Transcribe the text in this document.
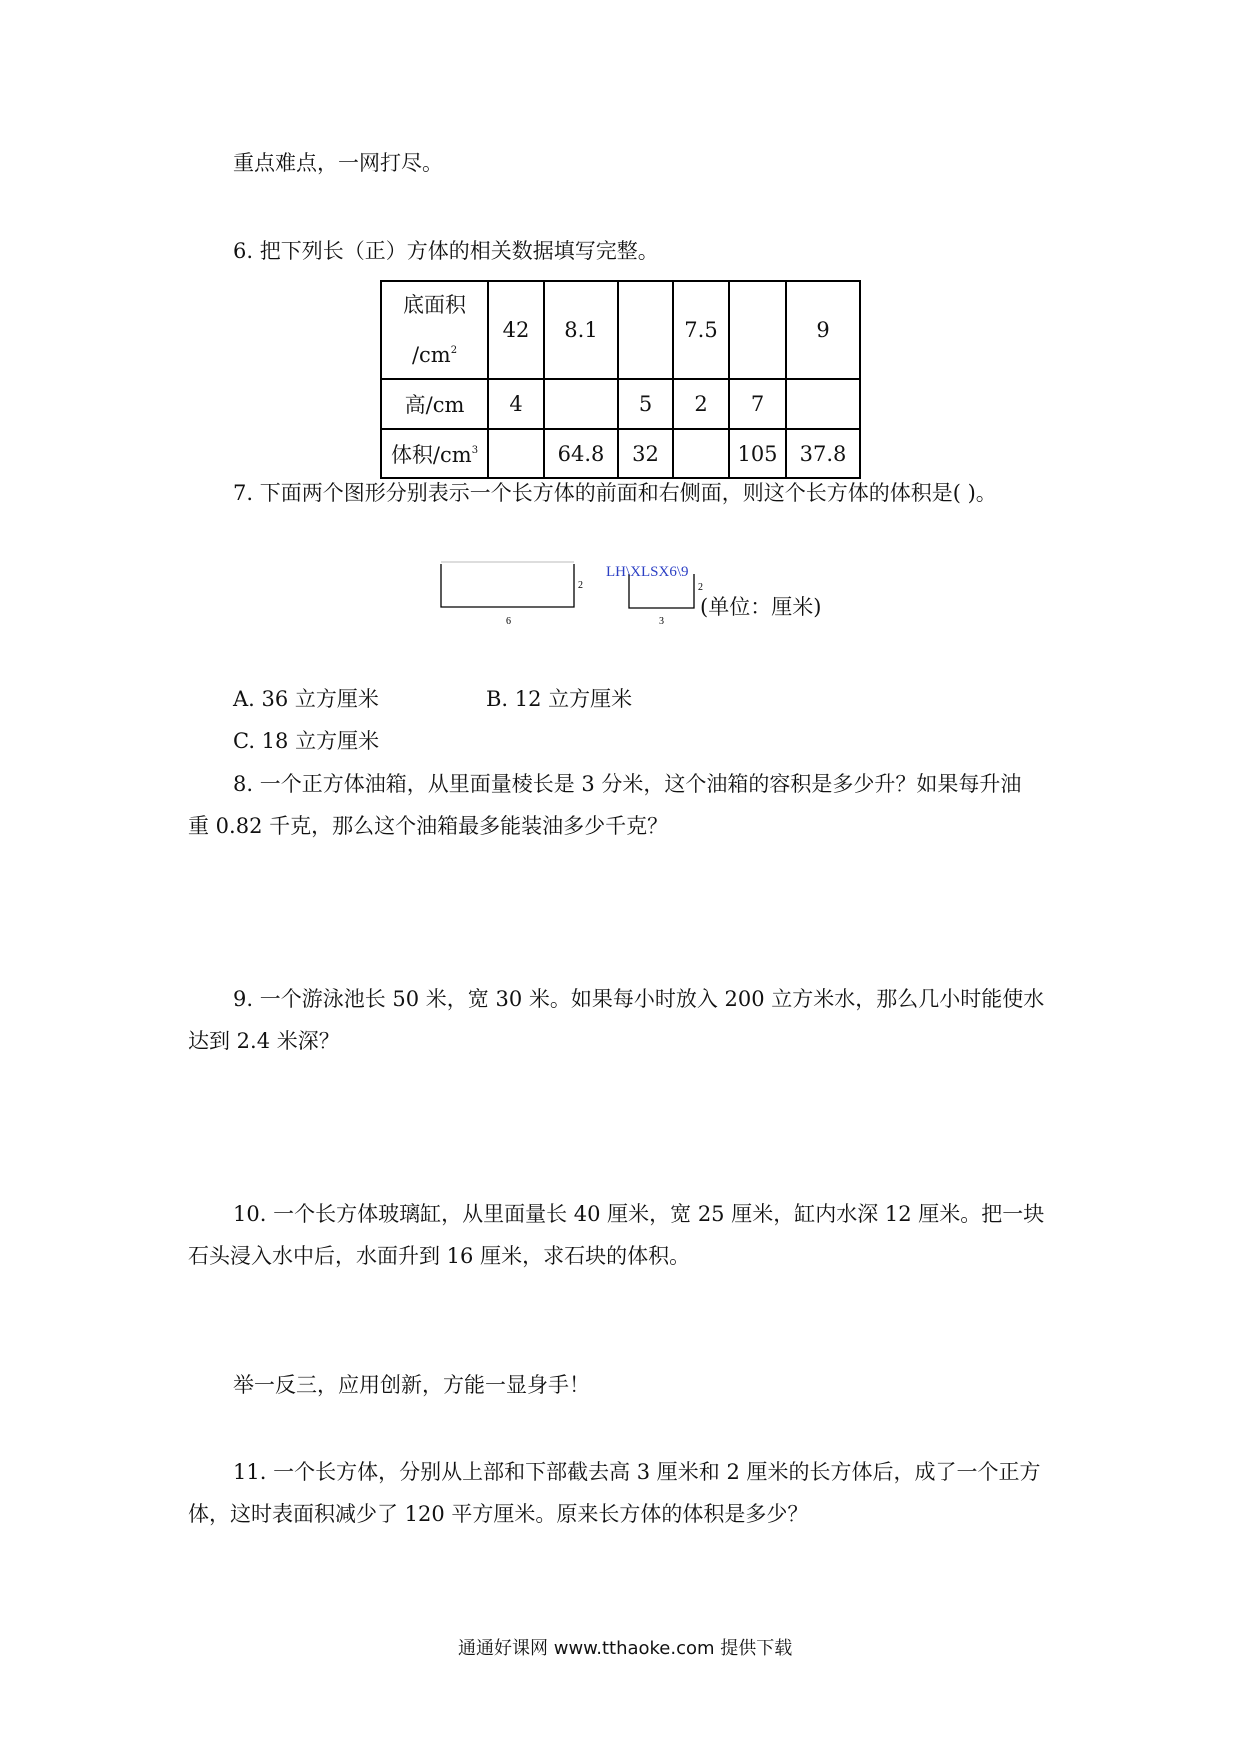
重点难点，一网打尽。
6. 把下列长（正）方体的相关数据填写完整。
底面积
$/cm^2$	42	8.1		7.5		9
高/cm	4		5	2	7	
体积$/cm^3$		64.8	32		105	37.8
7. 下面两个图形分别表示一个长方体的前面和右侧面，则这个长方体的体积是( )。
2
6
2
3
LH\XLSX6\9
(单位：厘米)
A. 36 立方厘米	B. 12 立方厘米
C. 18 立方厘米
8. 一个正方体油箱，从里面量棱长是 3 分米，这个油箱的容积是多少升？如果每升油
重 0.82 千克，那么这个油箱最多能装油多少千克？
9. 一个游泳池长 50 米，宽 30 米。如果每小时放入 200 立方米水，那么几小时能使水
达到 2.4 米深？
10. 一个长方体玻璃缸，从里面量长 40 厘米，宽 25 厘米，缸内水深 12 厘米。把一块
石头浸入水中后，水面升到 16 厘米，求石块的体积。
举一反三，应用创新，方能一显身手！
11. 一个长方体，分别从上部和下部截去高 3 厘米和 2 厘米的长方体后，成了一个正方
体，这时表面积减少了 120 平方厘米。原来长方体的体积是多少？
通通好课网 www.tthaoke.com 提供下载
